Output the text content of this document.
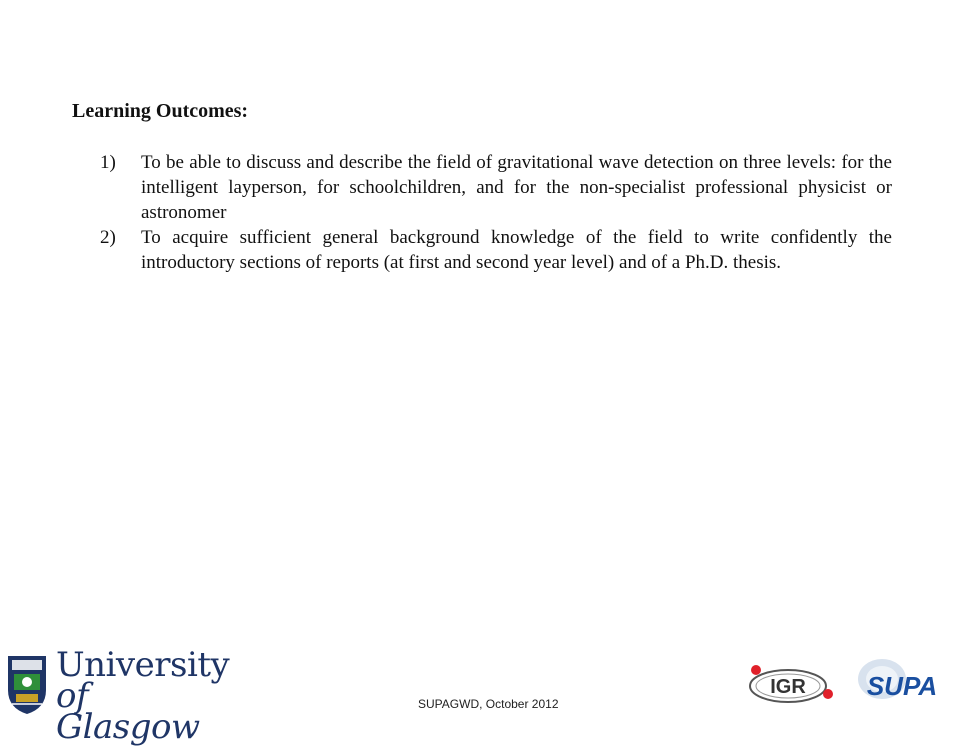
Learning Outcomes:
1) To be able to discuss and describe the field of gravitational wave detection on three levels: for the intelligent layperson, for schoolchildren, and for the non-specialist professional physicist or astronomer
2) To acquire sufficient general background knowledge of the field to write confidently the introductory sections of reports (at first and second year level) and of a Ph.D. thesis.
University
of Glasgow
SUPAGWD, October 2012
IGR SUPA
